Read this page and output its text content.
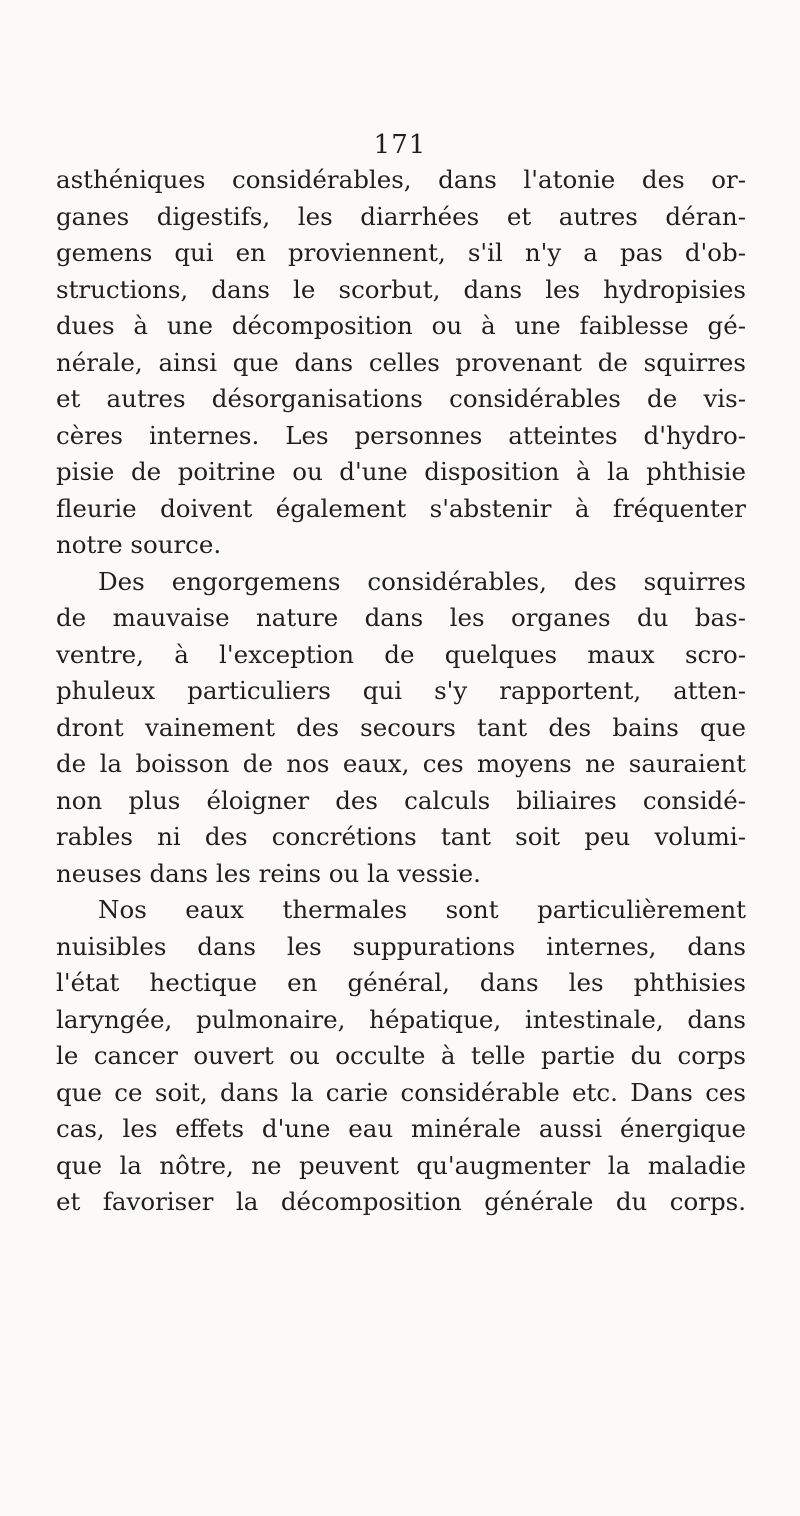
171
asthéniques considérables, dans l'atonie des or-
ganes digestifs, les diarrhées et autres déran-
gemens qui en proviennent, s'il n'y a pas d'ob-
structions, dans le scorbut, dans les hydropisies
dues à une décomposition ou à une faiblesse gé-
nérale, ainsi que dans celles provenant de squirres
et autres désorganisations considérables de vis-
cères internes. Les personnes atteintes d'hydro-
pisie de poitrine ou d'une disposition à la phthisie
fleurie doivent également s'abstenir à fréquenter
notre source.
Des engorgemens considérables, des squirres
de mauvaise nature dans les organes du bas-
ventre, à l'exception de quelques maux scro-
phuleux particuliers qui s'y rapportent, atten-
dront vainement des secours tant des bains que
de la boisson de nos eaux, ces moyens ne sauraient
non plus éloigner des calculs biliaires considé-
rables ni des concrétions tant soit peu volumi-
neuses dans les reins ou la vessie.
Nos eaux thermales sont particulièrement
nuisibles dans les suppurations internes, dans
l'état hectique en général, dans les phthisies
laryngée, pulmonaire, hépatique, intestinale, dans
le cancer ouvert ou occulte à telle partie du corps
que ce soit, dans la carie considérable etc. Dans ces
cas, les effets d'une eau minérale aussi énergique
que la nôtre, ne peuvent qu'augmenter la maladie
et favoriser la décomposition générale du corps.
